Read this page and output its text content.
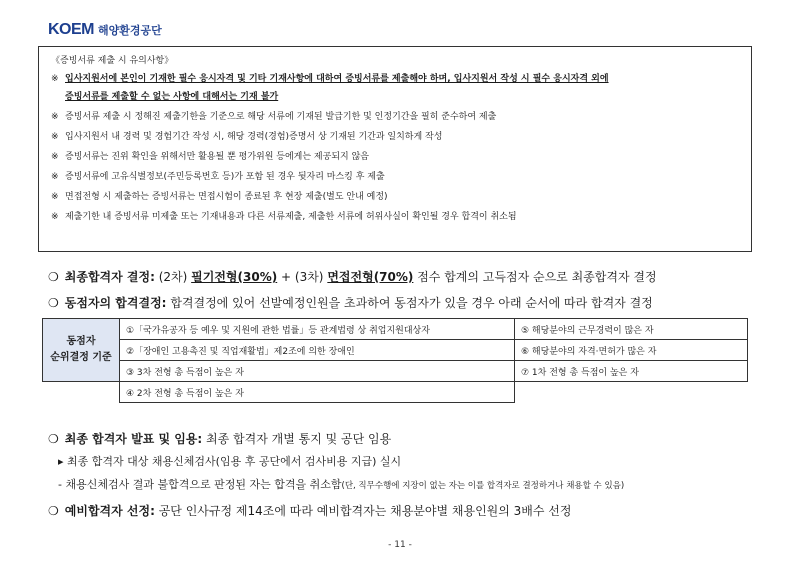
KOEM 해양환경공단
《증빙서류 제출 시 유의사항》
※ 입사지원서에 본인이 기재한 필수 응시자격 및 기타 기재사항에 대하여 증빙서류를 제출해야 하며, 입사지원서 작성 시 필수 응시자격 외에
증빙서류를 제출할 수 없는 사항에 대해서는 기재 불가
※ 증빙서류 제출 시 정해진 제출기한을 기준으로 해당 서류에 기재된 발급기한 및 인정기간을 필히 준수하여 제출
※ 입사지원서 내 경력 및 경험기간 작성 시, 해당 경력(경험)증명서 상 기재된 기간과 일치하게 작성
※ 증빙서류는 진위 확인을 위해서만 활용될 뿐 평가위원 등에게는 제공되지 않음
※ 증빙서류에 고유식별정보(주민등록번호 등)가 포함 된 경우 뒷자리 마스킹 후 제출
※ 면접전형 시 제출하는 증빙서류는 면접시험이 종료된 후 현장 제출(별도 안내 예정)
※ 제출기한 내 증빙서류 미제출 또는 기재내용과 다른 서류제출, 제출한 서류에 허위사실이 확인될 경우 합격이 취소됨
❍ 최종합격자 결정: (2차) 필기전형(30%) + (3차) 면접전형(70%) 점수 합계의 고득점자 순으로 최종합격자 결정
❍ 동점자의 합격결정: 합격결정에 있어 선발예정인원을 초과하여 동점자가 있을 경우 아래 순서에 따라 합격자 결정
동점자
순위결정 기준	①「국가유공자 등 예우 및 지원에 관한 법률」등 관계법령 상 취업지원대상자	⑤ 해당분야의 근무경력이 많은 자
	②「장애인 고용촉진 및 직업재활법」제2조에 의한 장애인	⑥ 해당분야의 자격·면허가 많은 자
	③ 3차 전형 총 득점이 높은 자	⑦ 1차 전형 총 득점이 높은 자
	④ 2차 전형 총 득점이 높은 자	
❍ 최종 합격자 발표 및 임용: 최종 합격자 개별 통지 및 공단 임용
▸ 최종 합격자 대상 채용신체검사(임용 후 공단에서 검사비용 지급) 실시
- 채용신체검사 결과 불합격으로 판정된 자는 합격을 취소함(단, 직무수행에 지장이 없는 자는 이를 합격자로 결정하거나 채용할 수 있음)
❍ 예비합격자 선정: 공단 인사규정 제14조에 따라 예비합격자는 채용분야별 채용인원의 3배수 선정
- 11 -
